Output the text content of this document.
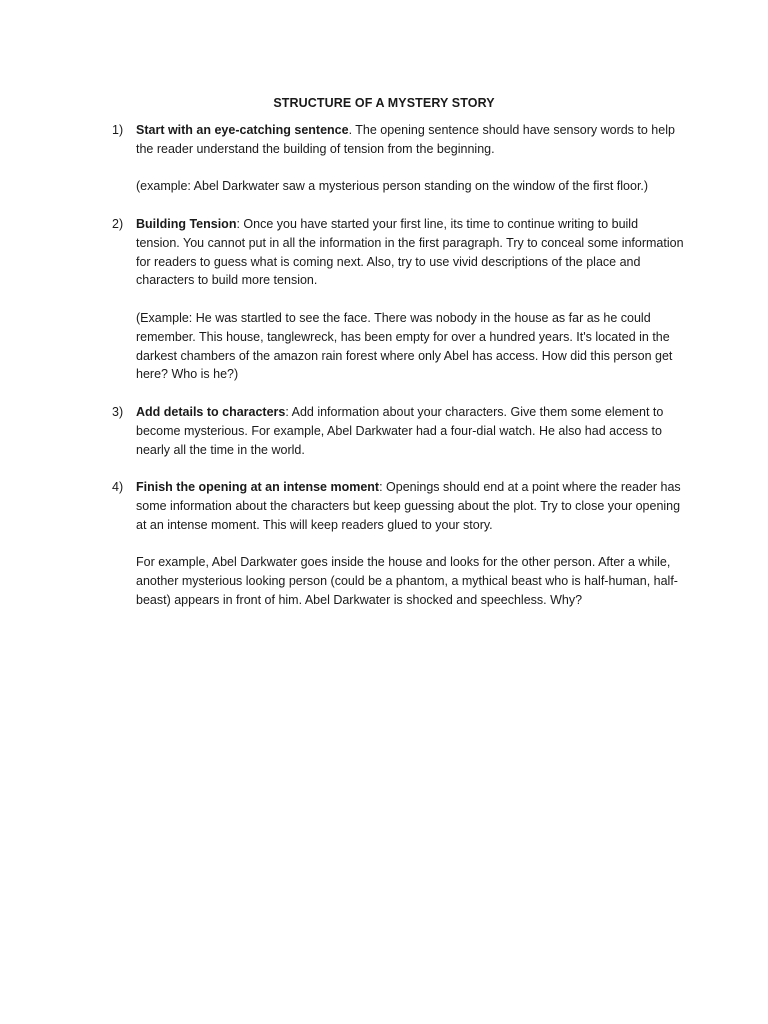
STRUCTURE OF A MYSTERY STORY
1)	Start with an eye-catching sentence. The opening sentence should have sensory words to help the reader understand the building of tension from the beginning.

(example: Abel Darkwater saw a mysterious person standing on the window of the first floor.)

2)	Building Tension: Once you have started your first line, its time to continue writing to build tension. You cannot put in all the information in the first paragraph. Try to conceal some information for readers to guess what is coming next. Also, try to use vivid descriptions of the place and characters to build more tension.

(Example: He was startled to see the face. There was nobody in the house as far as he could remember. This house, tanglewreck, has been empty for over a hundred years. It's located in the darkest chambers of the amazon rain forest where only Abel has access. How did this person get here? Who is he?)

3)	Add details to characters: Add information about your characters. Give them some element to become mysterious. For example, Abel Darkwater had a four-dial watch. He also had access to nearly all the time in the world.

4)	Finish the opening at an intense moment: Openings should end at a point where the reader has some information about the characters but keep guessing about the plot. Try to close your opening at an intense moment. This will keep readers glued to your story.

For example, Abel Darkwater goes inside the house and looks for the other person. After a while, another mysterious looking person (could be a phantom, a mythical beast who is half-human, half-beast) appears in front of him. Abel Darkwater is shocked and speechless. Why?
